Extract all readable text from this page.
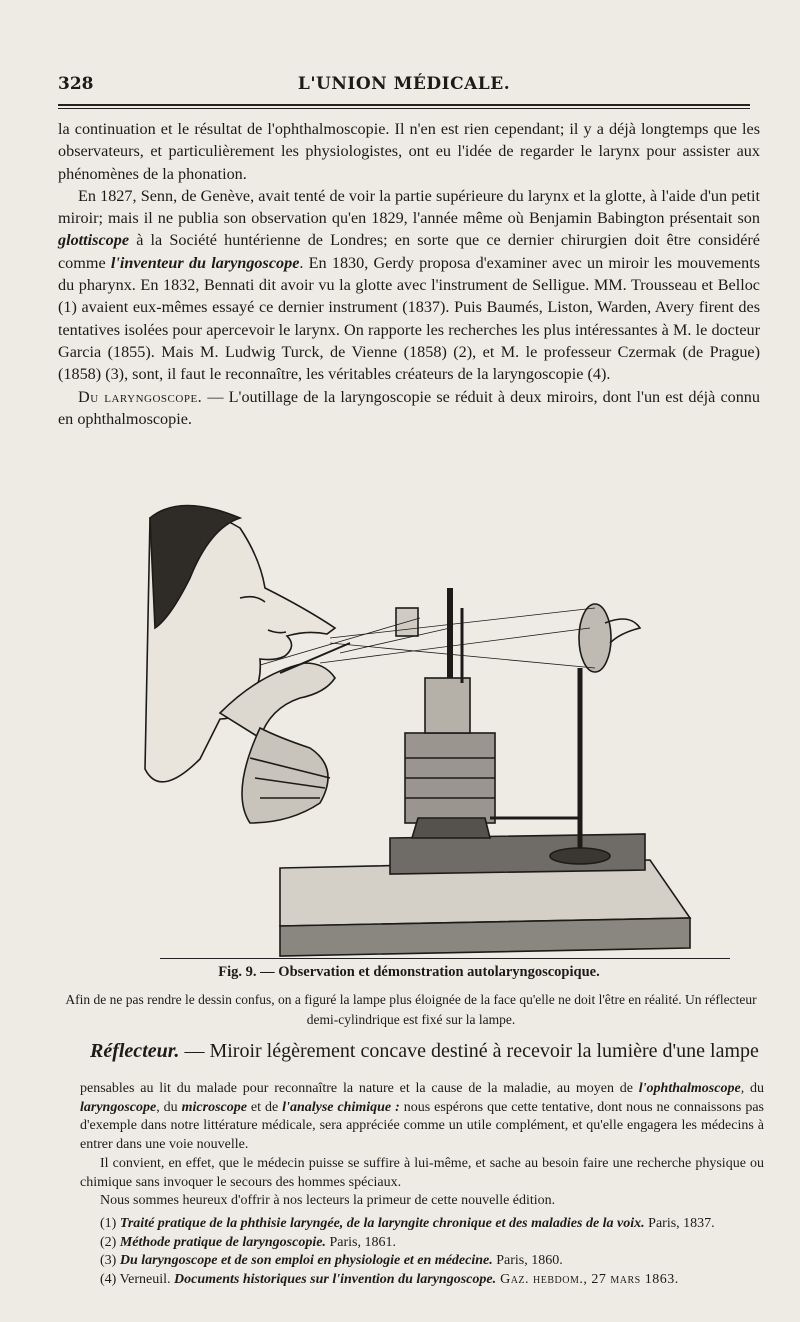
328	L'UNION MÉDICALE.

la continuation et le résultat de l'ophthalmoscopie. Il n'en est rien cependant; il y a déjà longtemps que les observateurs, et particulièrement les physiologistes, ont eu l'idée de regarder le larynx pour assister aux phénomènes de la phonation.

En 1827, Senn, de Genève, avait tenté de voir la partie supérieure du larynx et la glotte, à l'aide d'un petit miroir; mais il ne publia son observation qu'en 1829, l'année même où Benjamin Babington présentait son glottiscope à la Société huntérienne de Londres; en sorte que ce dernier chirurgien doit être considéré comme l'inventeur du laryngoscope. En 1830, Gerdy proposa d'examiner avec un miroir les mouvements du pharynx. En 1832, Bennati dit avoir vu la glotte avec l'instrument de Selligue. MM. Trousseau et Belloc (1) avaient eux-mêmes essayé ce dernier instrument (1837). Puis Baumés, Liston, Warden, Avery firent des tentatives isolées pour apercevoir le larynx. On rapporte les recherches les plus intéressantes à M. le docteur Garcia (1855). Mais M. Ludwig Turck, de Vienne (1858) (2), et M. le professeur Czermak (de Prague) (1858) (3), sont, il faut le reconnaître, les véritables créateurs de la laryngoscopie (4).

Du laryngoscope. — L'outillage de la laryngoscopie se réduit à deux miroirs, dont l'un est déjà connu en ophthalmoscopie.

Fig. 9. — Observation et démonstration autolaryngoscopique.
Afin de ne pas rendre le dessin confus, on a figuré la lampe plus éloignée de la face qu'elle ne doit l'être en réalité. Un réflecteur demi-cylindrique est fixé sur la lampe.
Réflecteur. — Miroir légèrement concave destiné à recevoir la lumière d'une lampe

pensables au lit du malade pour reconnaître la nature et la cause de la maladie, au moyen de l'ophthalmoscope, du laryngoscope, du microscope et de l'analyse chimique : nous espérons que cette tentative, dont nous ne connaissons pas d'exemple dans notre littérature médicale, sera appréciée comme un utile complément, et qu'elle engagera les médecins à entrer dans une voie nouvelle.

Il convient, en effet, que le médecin puisse se suffire à lui-même, et sache au besoin faire une recherche physique ou chimique sans invoquer le secours des hommes spéciaux.

Nous sommes heureux d'offrir à nos lecteurs la primeur de cette nouvelle édition.

(1) Traité pratique de la phthisie laryngée, de la laryngite chronique et des maladies de la voix. Paris, 1837.

(2) Méthode pratique de laryngoscopie. Paris, 1861.

(3) Du laryngoscope et de son emploi en physiologie et en médecine. Paris, 1860.

(4) Verneuil. Documents historiques sur l'invention du laryngoscope. Gaz. hebdom., 27 mars 1863.
